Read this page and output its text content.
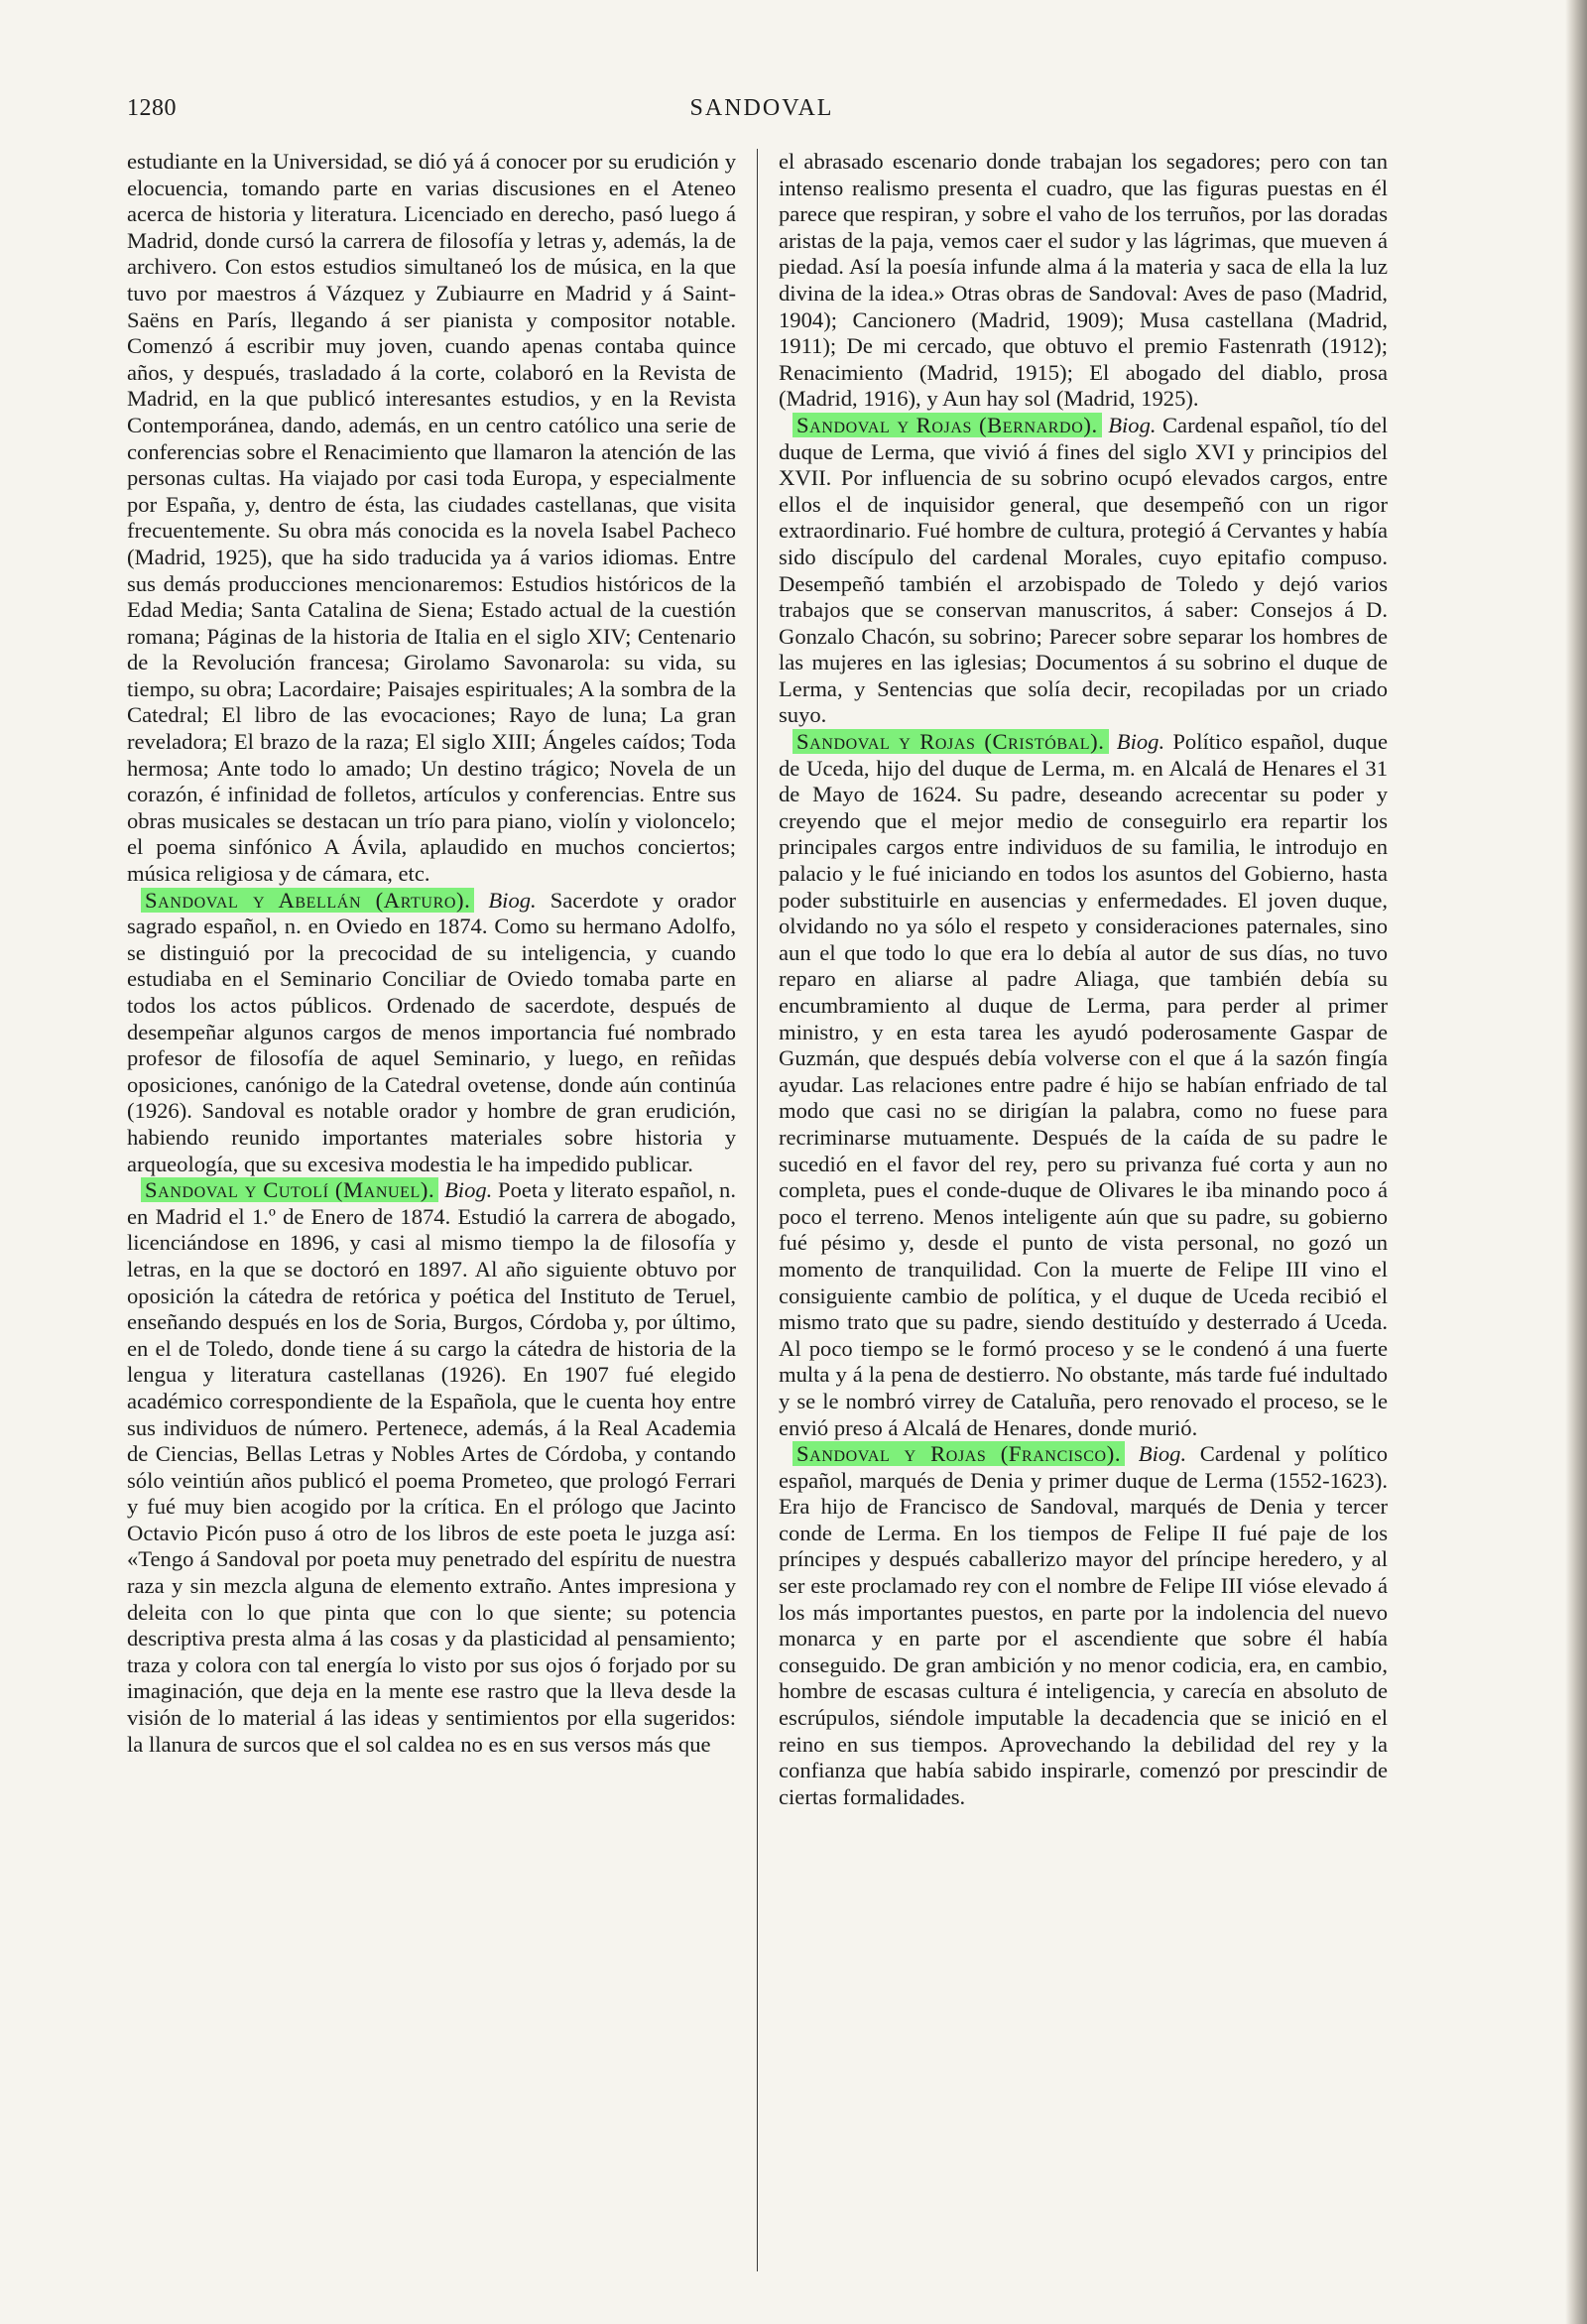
1280	SANDOVAL

estudiante en la Universidad, se dió yá á conocer por su erudición y elocuencia, tomando parte en varias discusiones en el Ateneo acerca de historia y literatura. Licenciado en derecho, pasó luego á Madrid, donde cursó la carrera de filosofía y letras y, además, la de archivero. Con estos estudios simultaneó los de música, en la que tuvo por maestros á Vázquez y Zubiaurre en Madrid y á Saint-Saëns en París, llegando á ser pianista y compositor notable. Comenzó á escribir muy joven, cuando apenas contaba quince años, y después, trasladado á la corte, colaboró en la Revista de Madrid, en la que publicó interesantes estudios, y en la Revista Contemporánea, dando, además, en un centro católico una serie de conferencias sobre el Renacimiento que llamaron la atención de las personas cultas. Ha viajado por casi toda Europa, y especialmente por España, y, dentro de ésta, las ciudades castellanas, que visita frecuentemente. Su obra más conocida es la novela Isabel Pacheco (Madrid, 1925), que ha sido traducida ya á varios idiomas. Entre sus demás producciones mencionaremos: Estudios históricos de la Edad Media; Santa Catalina de Siena; Estado actual de la cuestión romana; Páginas de la historia de Italia en el siglo XIV; Centenario de la Revolución francesa; Girolamo Savonarola: su vida, su tiempo, su obra; Lacordaire; Paisajes espirituales; A la sombra de la Catedral; El libro de las evocaciones; Rayo de luna; La gran reveladora; El brazo de la raza; El siglo XIII; Ángeles caídos; Toda hermosa; Ante todo lo amado; Un destino trágico; Novela de un corazón, é infinidad de folletos, artículos y conferencias. Entre sus obras musicales se destacan un trío para piano, violín y violoncelo; el poema sinfónico A Ávila, aplaudido en muchos conciertos; música religiosa y de cámara, etc.

Sandoval y Abellán (Arturo). Biog. Sacerdote y orador sagrado español, n. en Oviedo en 1874. Como su hermano Adolfo, se distinguió por la precocidad de su inteligencia, y cuando estudiaba en el Seminario Conciliar de Oviedo tomaba parte en todos los actos públicos. Ordenado de sacerdote, después de desempeñar algunos cargos de menos importancia fué nombrado profesor de filosofía de aquel Seminario, y luego, en reñidas oposiciones, canónigo de la Catedral ovetense, donde aún continúa (1926). Sandoval es notable orador y hombre de gran erudición, habiendo reunido importantes materiales sobre historia y arqueología, que su excesiva modestia le ha impedido publicar.

Sandoval y Cutolí (Manuel). Biog. Poeta y literato español, n. en Madrid el 1.º de Enero de 1874. Estudió la carrera de abogado, licenciándose en 1896, y casi al mismo tiempo la de filosofía y letras, en la que se doctoró en 1897. Al año siguiente obtuvo por oposición la cátedra de retórica y poética del Instituto de Teruel, enseñando después en los de Soria, Burgos, Córdoba y, por último, en el de Toledo, donde tiene á su cargo la cátedra de historia de la lengua y literatura castellanas (1926). En 1907 fué elegido académico correspondiente de la Española, que le cuenta hoy entre sus individuos de número. Pertenece, además, á la Real Academia de Ciencias, Bellas Letras y Nobles Artes de Córdoba, y contando sólo veintiún años publicó el poema Prometeo, que prologó Ferrari y fué muy bien acogido por la crítica. En el prólogo que Jacinto Octavio Picón puso á otro de los libros de este poeta le juzga así: «Tengo á Sandoval por poeta muy penetrado del espíritu de nuestra raza y sin mezcla alguna de elemento extraño. Antes impresiona y deleita con lo que pinta que con lo que siente; su potencia descriptiva presta alma á las cosas y da plasticidad al pensamiento; traza y colora con tal energía lo visto por sus ojos ó forjado por su imaginación, que deja en la mente ese rastro que la lleva desde la visión de lo material á las ideas y sentimientos por ella sugeridos: la llanura de surcos que el sol caldea no es en sus versos más que

el abrasado escenario donde trabajan los segadores; pero con tan intenso realismo presenta el cuadro, que las figuras puestas en él parece que respiran, y sobre el vaho de los terruños, por las doradas aristas de la paja, vemos caer el sudor y las lágrimas, que mueven á piedad. Así la poesía infunde alma á la materia y saca de ella la luz divina de la idea.» Otras obras de Sandoval: Aves de paso (Madrid, 1904); Cancionero (Madrid, 1909); Musa castellana (Madrid, 1911); De mi cercado, que obtuvo el premio Fastenrath (1912); Renacimiento (Madrid, 1915); El abogado del diablo, prosa (Madrid, 1916), y Aun hay sol (Madrid, 1925).

Sandoval y Rojas (Bernardo). Biog. Cardenal español, tío del duque de Lerma, que vivió á fines del siglo XVI y principios del XVII. Por influencia de su sobrino ocupó elevados cargos, entre ellos el de inquisidor general, que desempeñó con un rigor extraordinario. Fué hombre de cultura, protegió á Cervantes y había sido discípulo del cardenal Morales, cuyo epitafio compuso. Desempeñó también el arzobispado de Toledo y dejó varios trabajos que se conservan manuscritos, á saber: Consejos á D. Gonzalo Chacón, su sobrino; Parecer sobre separar los hombres de las mujeres en las iglesias; Documentos á su sobrino el duque de Lerma, y Sentencias que solía decir, recopiladas por un criado suyo.

Sandoval y Rojas (Cristóbal). Biog. Político español, duque de Uceda, hijo del duque de Lerma, m. en Alcalá de Henares el 31 de Mayo de 1624. Su padre, deseando acrecentar su poder y creyendo que el mejor medio de conseguirlo era repartir los principales cargos entre individuos de su familia, le introdujo en palacio y le fué iniciando en todos los asuntos del Gobierno, hasta poder substituirle en ausencias y enfermedades. El joven duque, olvidando no ya sólo el respeto y consideraciones paternales, sino aun el que todo lo que era lo debía al autor de sus días, no tuvo reparo en aliarse al padre Aliaga, que también debía su encumbramiento al duque de Lerma, para perder al primer ministro, y en esta tarea les ayudó poderosamente Gaspar de Guzmán, que después debía volverse con el que á la sazón fingía ayudar. Las relaciones entre padre é hijo se habían enfriado de tal modo que casi no se dirigían la palabra, como no fuese para recriminarse mutuamente. Después de la caída de su padre le sucedió en el favor del rey, pero su privanza fué corta y aun no completa, pues el conde-duque de Olivares le iba minando poco á poco el terreno. Menos inteligente aún que su padre, su gobierno fué pésimo y, desde el punto de vista personal, no gozó un momento de tranquilidad. Con la muerte de Felipe III vino el consiguiente cambio de política, y el duque de Uceda recibió el mismo trato que su padre, siendo destituído y desterrado á Uceda. Al poco tiempo se le formó proceso y se le condenó á una fuerte multa y á la pena de destierro. No obstante, más tarde fué indultado y se le nombró virrey de Cataluña, pero renovado el proceso, se le envió preso á Alcalá de Henares, donde murió.

Sandoval y Rojas (Francisco). Biog. Cardenal y político español, marqués de Denia y primer duque de Lerma (1552-1623). Era hijo de Francisco de Sandoval, marqués de Denia y tercer conde de Lerma. En los tiempos de Felipe II fué paje de los príncipes y después caballerizo mayor del príncipe heredero, y al ser este proclamado rey con el nombre de Felipe III vióse elevado á los más importantes puestos, en parte por la indolencia del nuevo monarca y en parte por el ascendiente que sobre él había conseguido. De gran ambición y no menor codicia, era, en cambio, hombre de escasas cultura é inteligencia, y carecía en absoluto de escrúpulos, siéndole imputable la decadencia que se inició en el reino en sus tiempos. Aprovechando la debilidad del rey y la confianza que había sabido inspirarle, comenzó por prescindir de ciertas formalidades.
